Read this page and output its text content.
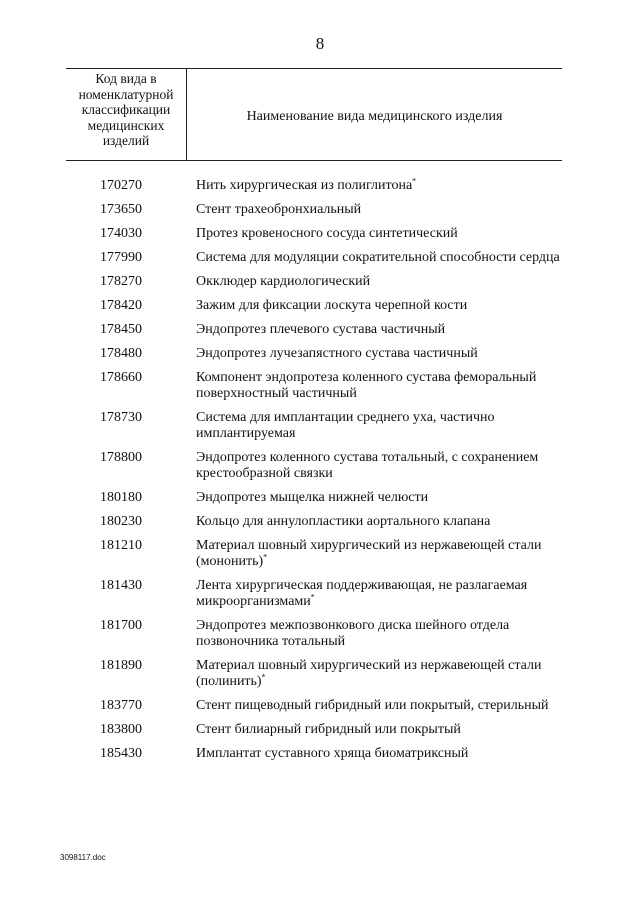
8
Код вида в номенклатурной классификации медицинских изделий
Наименование вида медицинского изделия
170270	Нить хирургическая из полиглитона*
173650	Стент трахеобронхиальный
174030	Протез кровеносного сосуда синтетический
177990	Система для модуляции сократительной способности сердца
178270	Окклюдер кардиологический
178420	Зажим для фиксации лоскута черепной кости
178450	Эндопротез плечевого сустава частичный
178480	Эндопротез лучезапястного сустава частичный
178660	Компонент эндопротеза коленного сустава феморальный поверхностный частичный
178730	Система для имплантации среднего уха, частично имплантируемая
178800	Эндопротез коленного сустава тотальный, с сохранением крестообразной связки
180180	Эндопротез мыщелка нижней челюсти
180230	Кольцо для аннулопластики аортального клапана
181210	Материал шовный хирургический из нержавеющей стали (мононить)*
181430	Лента хирургическая поддерживающая, не разлагаемая микроорганизмами*
181700	Эндопротез межпозвонкового диска шейного отдела позвоночника тотальный
181890	Материал шовный хирургический из нержавеющей стали (полинить)*
183770	Стент пищеводный гибридный или покрытый, стерильный
183800	Стент билиарный гибридный или покрытый
185430	Имплантат суставного хряща биоматриксный
3098117.doc
